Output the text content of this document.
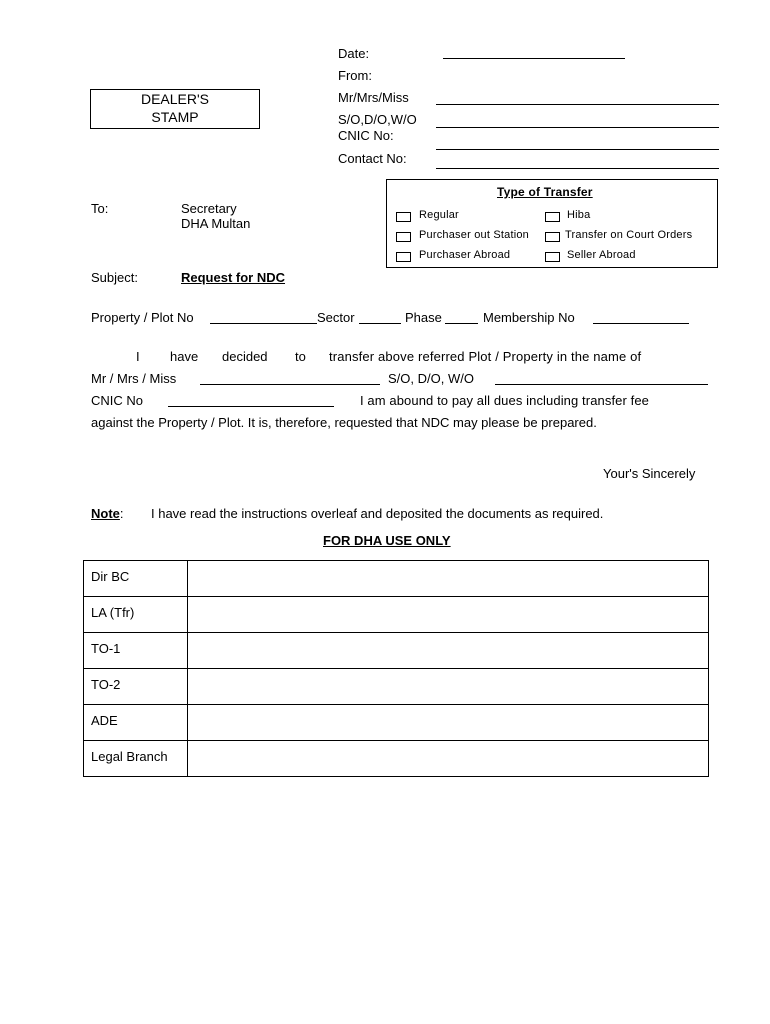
Date:
From:
Mr/Mrs/Miss
S/O,D/O,W/O
CNIC No:
Contact No:
DEALER'S
STAMP
Type of Transfer
Regular	Hiba
Purchaser out Station	Transfer on Court Orders
Purchaser Abroad	Seller Abroad
To:	Secretary
DHA Multan
Subject:	Request for NDC
Property / Plot No	Sector	Phase	Membership No
I have decided to transfer above referred Plot / Property in the name of
Mr / Mrs / Miss	S/O, D/O, W/O
CNIC No	I am abound to pay all dues including transfer fee
against the Property / Plot. It is, therefore, requested that NDC may please be prepared.
Your's Sincerely
Note: I have read the instructions overleaf and deposited the documents as required.
FOR DHA USE ONLY
Dir BC	
LA (Tfr)	
TO-1	
TO-2	
ADE	
Legal Branch	
